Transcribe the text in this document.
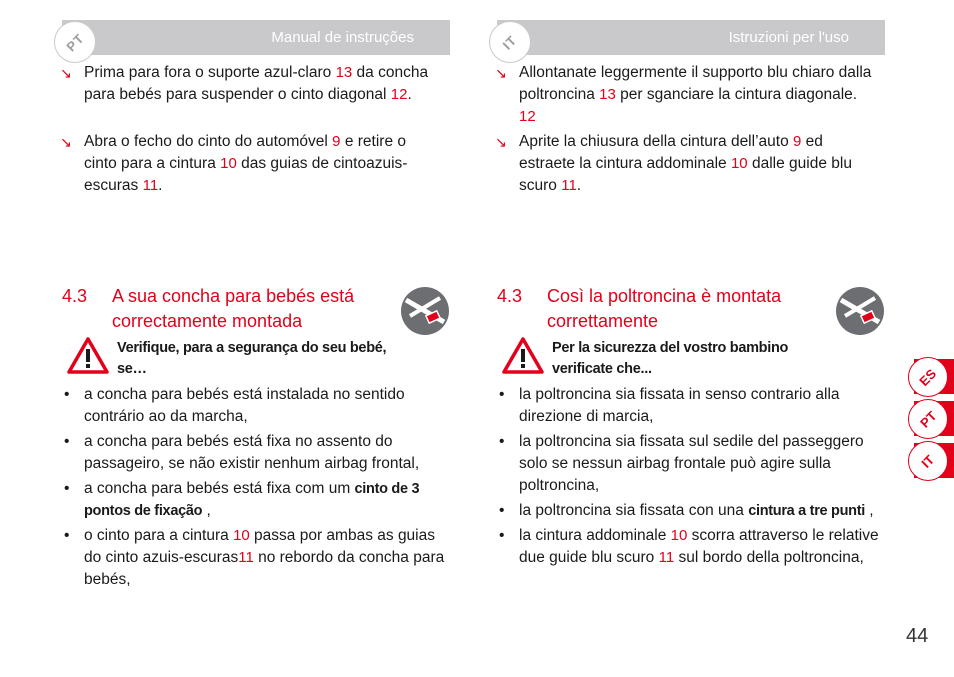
PT	Manual de instruções
↘ Prima para fora o suporte azul-claro 13 da concha para bebés para suspender o cinto diagonal 12.
↘ Abra o fecho do cinto do automóvel 9 e retire o cinto para a cintura 10 das guias de cintoazuis-escuras 11.
4.3 A sua concha para bebés está correctamente montada
Verifique, para a segurança do seu bebé, se…
• a concha para bebés está instalada no sentido contrário ao da marcha,
• a concha para bebés está fixa no assento do passageiro, se não existir nenhum airbag frontal,
• a concha para bebés está fixa com um cinto de 3 pontos de fixação ,
• o cinto para a cintura 10 passa por ambas as guias do cinto azuis-escuras11 no rebordo da concha para bebés,
IT	Istruzioni per l'uso
↘ Allontanate leggermente il supporto blu chiaro dalla poltroncina 13 per sganciare la cintura diagonale. 12
↘ Aprite la chiusura della cintura dell’auto 9 ed estraete la cintura addominale 10 dalle guide blu scuro 11.
4.3 Così la poltroncina è montata correttamente
Per la sicurezza del vostro bambino verificate che...
• la poltroncina sia fissata in senso contrario alla direzione di marcia,
• la poltroncina sia fissata sul sedile del passeggero solo se nessun airbag frontale può agire sulla poltroncina,
• la poltroncina sia fissata con una cintura a tre punti ,
• la cintura addominale 10 scorra attraverso le relative due guide blu scuro 11 sul bordo della poltroncina,
ES
PT
IT
44
